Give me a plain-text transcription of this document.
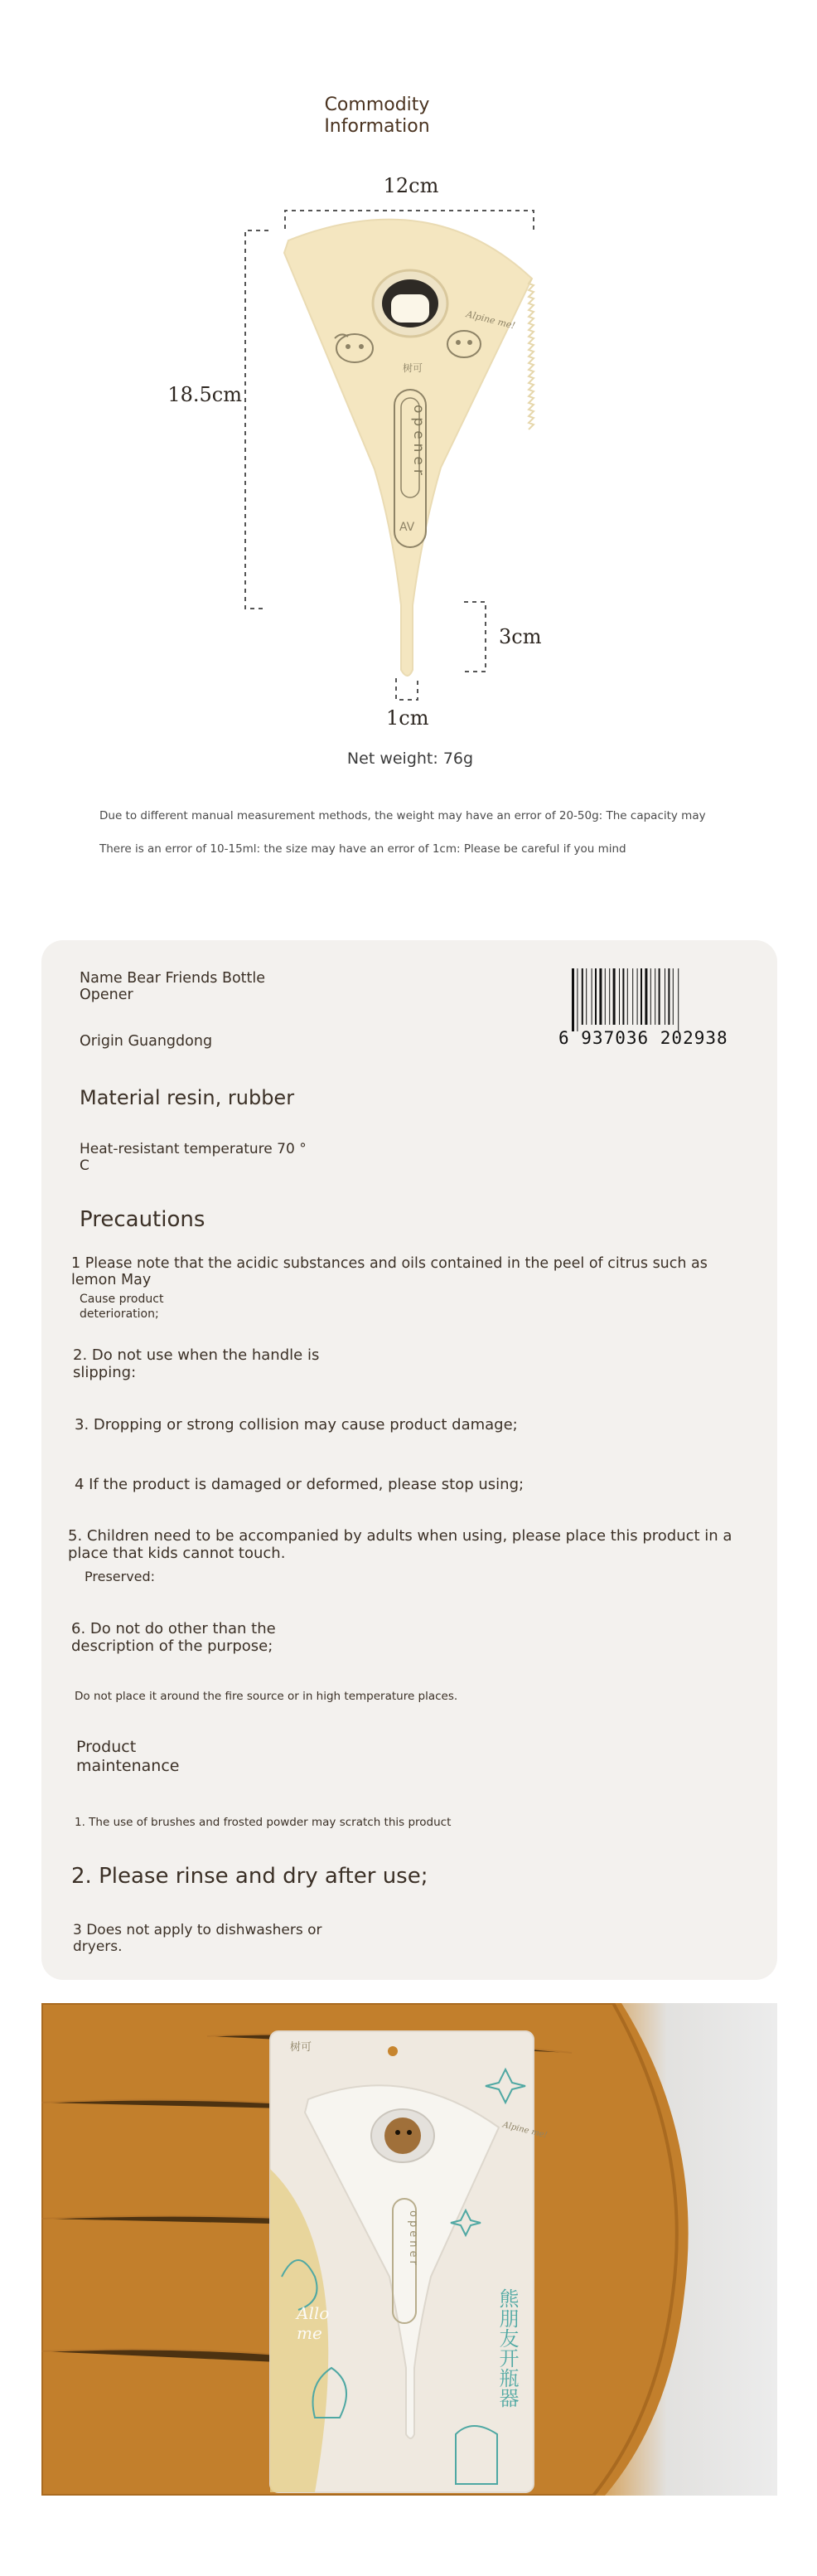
Commodity Information
opener
树可
Alpine me!
AV
12cm
18.5cm
3cm
1cm
Net weight: 76g
Due to different manual measurement methods, the weight may have an error of 20-50g: The capacity may
There is an error of 10-15ml: the size may have an error of 1cm: Please be careful if you mind
Name Bear Friends Bottle Opener
Origin Guangdong
Material resin, rubber
Heat-resistant temperature 70 ° C
6 937036 202938
Precautions
1 Please note that the acidic substances and oils contained in the peel of citrus such as lemon May
Cause product deterioration;
2. Do not use when the handle is slipping:
3. Dropping or strong collision may cause product damage;
4 If the product is damaged or deformed, please stop using;
5. Children need to be accompanied by adults when using, please place this product in a place that kids cannot touch.
Preserved:
6. Do not do other than the description of the purpose;
Do not place it around the fire source or in high temperature places.
Product maintenance
1. The use of brushes and frosted powder may scratch this product
2. Please rinse and dry after use;
3 Does not apply to dishwashers or dryers.
树可
opener
Alpine me!
Allo me	熊朋友开瓶器
